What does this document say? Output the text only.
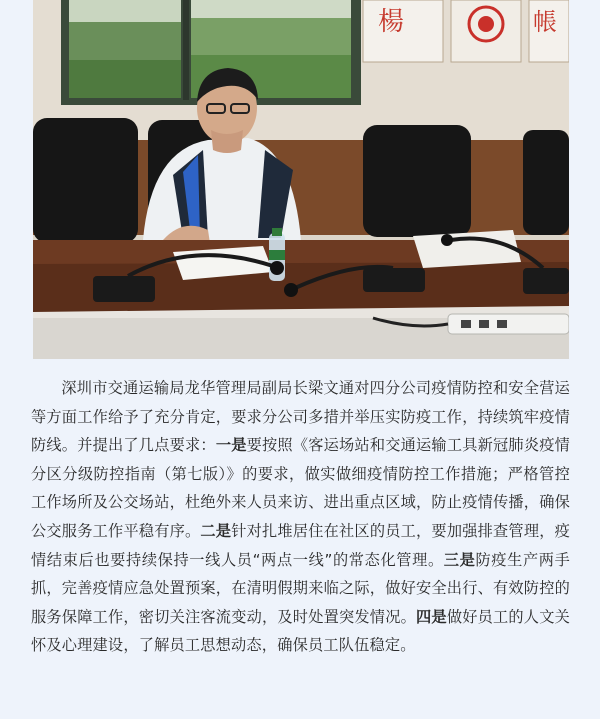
楊	帳

深圳市交通运输局龙华管理局副局长梁文通对四分公司疫情防控和安全营运等方面工作给予了充分肯定，要求分公司多措并举压实防疫工作，持续筑牢疫情防线。并提出了几点要求：一是要按照《客运场站和交通运输工具新冠肺炎疫情分区分级防控指南（第七版）》的要求，做实做细疫情防控工作措施；严格管控工作场所及公交场站，杜绝外来人员来访、进出重点区域，防止疫情传播，确保公交服务工作平稳有序。二是针对扎堆居住在社区的员工，要加强排查管理，疫情结束后也要持续保持一线人员“两点一线”的常态化管理。三是防疫生产两手抓，完善疫情应急处置预案，在清明假期来临之际，做好安全出行、有效防控的服务保障工作，密切关注客流变动，及时处置突发情况。四是做好员工的人文关怀及心理建设，了解员工思想动态，确保员工队伍稳定。
